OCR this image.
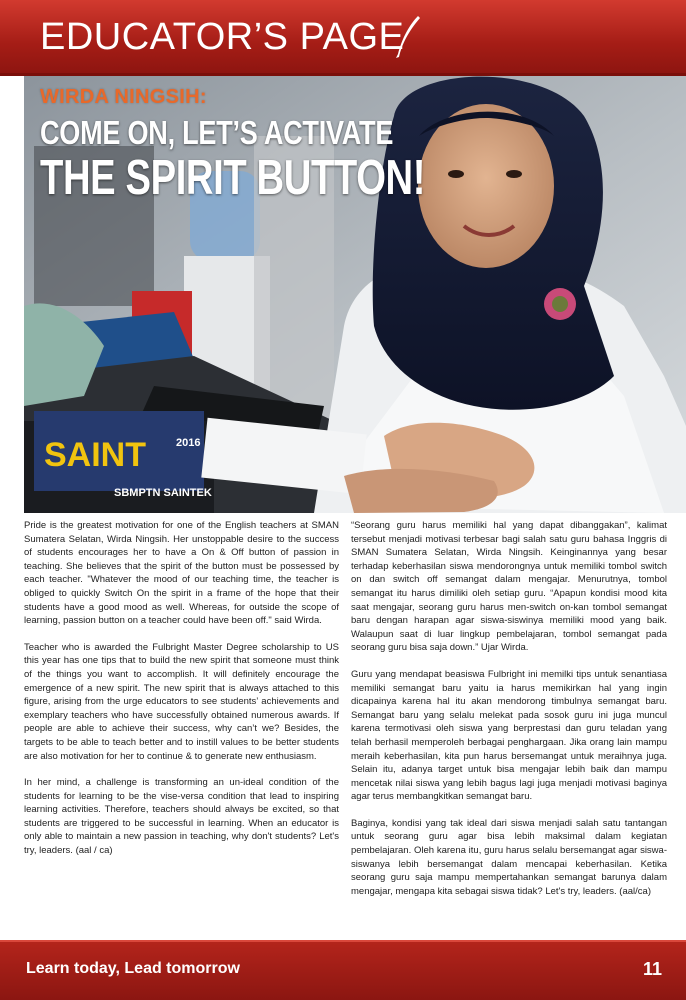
EDUCATOR’S PAGE
SAINT
SBMPTN SAINTEK
2016
WIRDA NINGSIH:
COME ON, LET’S ACTIVATE
THE SPIRIT BUTTON!

Pride is the greatest motivation for one of the English teachers at SMAN Sumatera Selatan, Wirda Ningsih. Her unstoppable desire to the success of students encourages her to have a On & Off button of passion in teaching. She believes that the spirit of the button must be possessed by each teacher. "Whatever the mood of our teaching time, the teacher is obliged to quickly Switch On the spirit in a frame of the hope that their students have a good mood as well. Whereas, for outside the scope of learning, passion button on a teacher could have been off." said Wirda.

Teacher who is awarded the Fulbright Master Degree scholarship to US this year has one tips that to build the new spirit that someone must think of the things you want to accomplish. It will definitely encourage the emergence of a new spirit. The new spirit that is always attached to this figure, arising from the urge educators to see students’ achievements and exemplary teachers who have successfully obtained numerous awards. If people are able to achieve their success, why can’t we? Besides, the targets to be able to teach better and to instill values to be better students are also motivation for her to continue & to generate new enthusiasm.

In her mind, a challenge is transforming an un-ideal condition of the students for learning to be the vise-versa condition that lead to inspiring learning activities. Therefore, teachers should always be excited, so that students are triggered to be successful in learning. When an educator is only able to maintain a new passion in teaching, why don't students? Let's try, leaders. (aal / ca)

“Seorang guru harus memiliki hal yang dapat dibanggakan”, kalimat tersebut menjadi motivasi terbesar bagi salah satu guru bahasa Inggris di SMAN Sumatera Selatan, Wirda Ningsih. Keinginannya yang besar terhadap keberhasilan siswa mendorongnya untuk memiliki tombol switch on dan switch off semangat dalam mengajar. Menurutnya, tombol semangat itu harus dimiliki oleh setiap guru. “Apapun kondisi mood kita saat mengajar, seorang guru harus men-switch on-kan tombol semangat baru dengan harapan agar siswa-siswinya memiliki mood yang baik. Walaupun saat di luar lingkup pembelajaran, tombol semangat pada seorang guru bisa saja down.” Ujar Wirda.

Guru yang mendapat beasiswa Fulbright ini memilki tips untuk senantiasa memiliki semangat baru yaitu ia harus memikirkan hal yang ingin dicapainya karena hal itu akan mendorong timbulnya semangat baru. Semangat baru yang selalu melekat pada sosok guru ini juga muncul karena termotivasi oleh siswa yang berprestasi dan guru teladan yang telah berhasil memperoleh berbagai penghargaan. Jika orang lain mampu meraih keberhasilan, kita pun harus bersemangat untuk meraihnya juga. Selain itu, adanya target untuk bisa mengajar lebih baik dan mampu mencetak nilai siswa yang lebih bagus lagi juga menjadi motivasi baginya agar terus membangkitkan semangat baru.

Baginya, kondisi yang tak ideal dari siswa menjadi salah satu tantangan untuk seorang guru agar bisa lebih maksimal dalam kegiatan pembelajaran. Oleh karena itu, guru harus selalu bersemangat agar siswa-siswanya lebih bersemangat dalam mencapai keberhasilan. Ketika seorang guru saja mampu mempertahankan semangat barunya dalam mengajar, mengapa kita sebagai siswa tidak? Let's try, leaders. (aal/ca)

Learn today, Lead tomorrow	11
